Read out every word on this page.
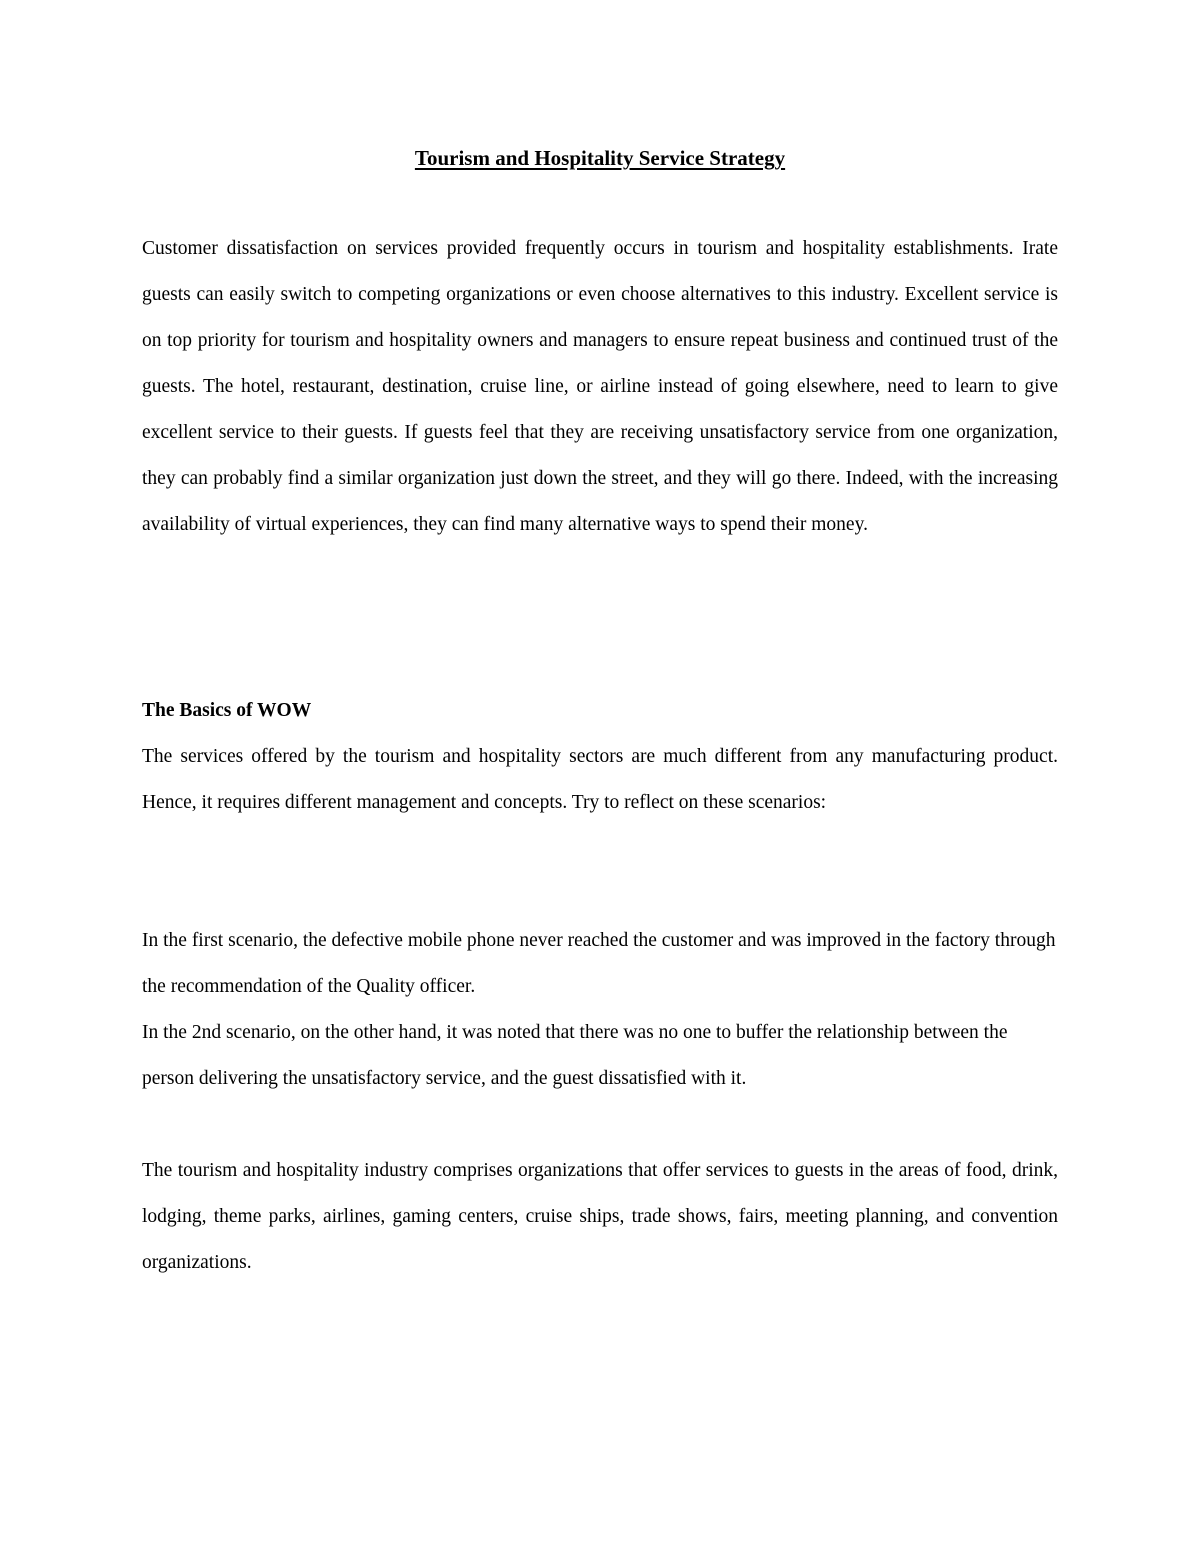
Tourism and Hospitality Service Strategy

Customer dissatisfaction on services provided frequently occurs in tourism and hospitality establishments. Irate guests can easily switch to competing organizations or even choose alternatives to this industry. Excellent service is on top priority for tourism and hospitality owners and managers to ensure repeat business and continued trust of the guests. The hotel, restaurant, destination, cruise line, or airline instead of going elsewhere, need to learn to give excellent service to their guests. If guests feel that they are receiving unsatisfactory service from one organization, they can probably find a similar organization just down the street, and they will go there. Indeed, with the increasing availability of virtual experiences, they can find many alternative ways to spend their money.

The Basics of WOW

The services offered by the tourism and hospitality sectors are much different from any manufacturing product. Hence, it requires different management and concepts. Try to reflect on these scenarios:

In the first scenario, the defective mobile phone never reached the customer and was improved in the factory through the recommendation of the Quality officer.

In the 2nd scenario, on the other hand, it was noted that there was no one to buffer the relationship between the person delivering the unsatisfactory service, and the guest dissatisfied with it.

The tourism and hospitality industry comprises organizations that offer services to guests in the areas of food, drink, lodging, theme parks, airlines, gaming centers, cruise ships, trade shows, fairs, meeting planning, and convention organizations.
